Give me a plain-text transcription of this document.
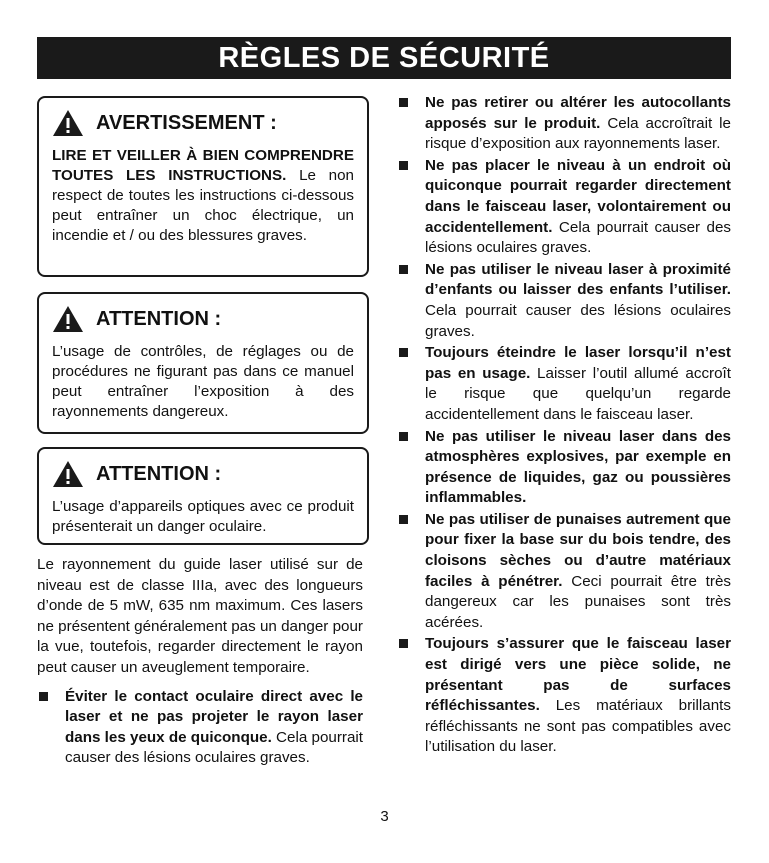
RÈGLES DE SÉCURITÉ
AVERTISSEMENT :
LIRE ET VEILLER À BIEN COMPRENDRE TOUTES LES INSTRUCTIONS. Le non respect de toutes les instructions ci-dessous peut entraîner un choc électrique, un incendie et / ou des blessures graves.
ATTENTION :
L’usage de contrôles, de réglages ou de procédures ne figurant pas dans ce manuel peut entraîner l’exposition à des rayonnements dangereux.
ATTENTION :
L’usage d’appareils optiques avec ce produit présenterait un danger oculaire.

Le rayonnement du guide laser utilisé sur de niveau est de classe IIIa, avec des longueurs d’onde de 5 mW, 635 nm maximum. Ces lasers ne présentent généralement pas un danger pour la vue, toutefois, regarder directement le rayon peut causer un aveuglement temporaire.

Éviter le contact oculaire direct avec le laser et ne pas projeter le rayon laser dans les yeux de quiconque. Cela pourrait causer des lésions oculaires graves.
Ne pas retirer ou altérer les autocollants apposés sur le produit. Cela accroîtrait le risque d’exposition aux rayonnements laser.
Ne pas placer le niveau à un endroit où quiconque pourrait regarder directement dans le faisceau laser, volontairement ou accidentellement. Cela pourrait causer des lésions oculaires graves.
Ne pas utiliser le niveau laser à proximité d’enfants ou laisser des enfants l’utiliser. Cela pourrait causer des lésions oculaires graves.
Toujours éteindre le laser lorsqu’il n’est pas en usage. Laisser l’outil allumé accroît le risque que quelqu’un regarde accidentellement dans le faisceau laser.
Ne pas utiliser le niveau laser dans des atmosphères explosives, par exemple en présence de liquides, gaz ou poussières inflammables.
Ne pas utiliser de punaises autrement que pour fixer la base sur du bois tendre, des cloisons sèches ou d’autre matériaux faciles à pénétrer. Ceci pourrait être très dangereux car les punaises sont très acérées.
Toujours s’assurer que le faisceau laser est dirigé vers une pièce solide, ne présentant pas de surfaces réfléchissantes. Les matériaux brillants réfléchissants ne sont pas compatibles avec l’utilisation du laser.
3
